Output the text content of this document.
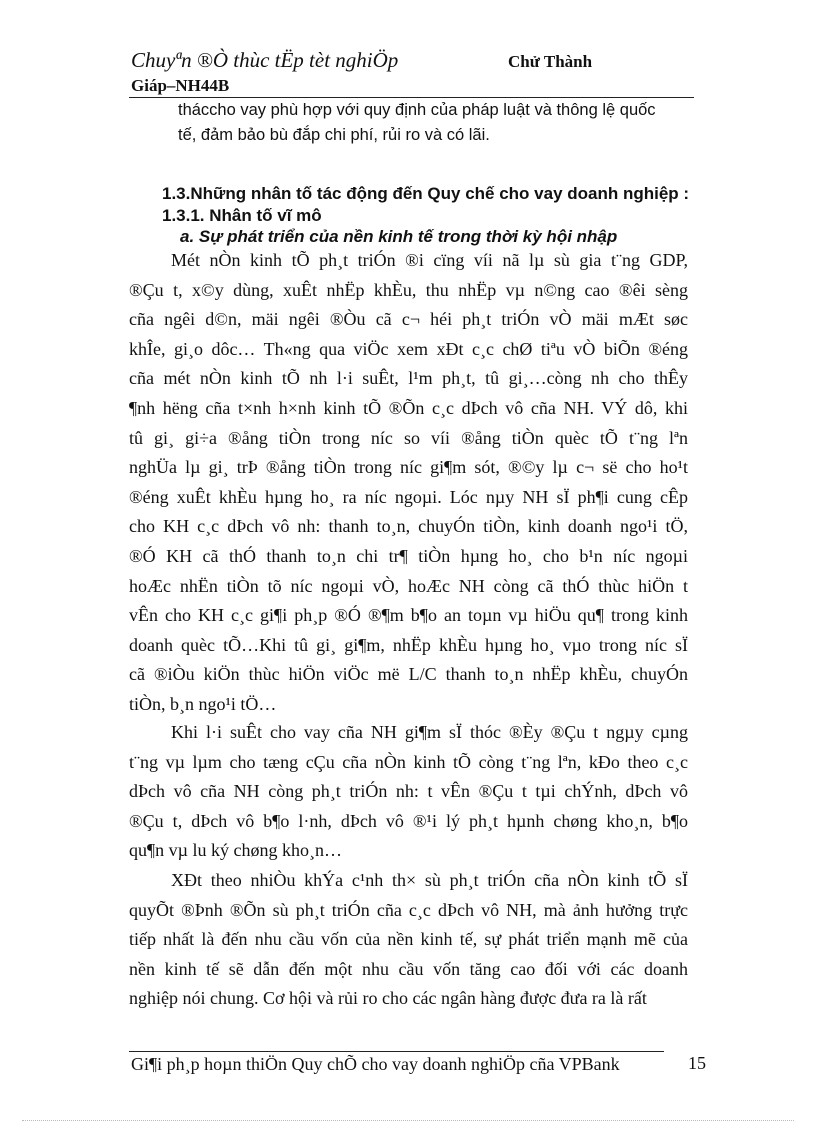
Chuyªn ®Ò thùc tËp tèt nghiÖp	Chử Thành
Giáp–NH44B
tháccho vay phù hợp với quy định của pháp luật và thông lệ quốc
tế, đảm bảo bù đắp chi phí, rủi ro và có lãi.
1.3.Những nhân tố tác động đến Quy chế cho vay doanh nghiệp :
1.3.1. Nhân tố vĩ mô
a. Sự phát triển của nền kinh tế trong thời kỳ hội nhập
Mét nÒn kinh tÕ ph¸t triÓn ®i cïng víi nã lµ sù gia t¨ng GDP,
®Çu t, x©y dùng, xuÊt nhËp khÈu, thu nhËp vµ n©ng cao ®êi sèng
cña ngêi d©n, mäi ngêi ®Òu cã c¬ héi ph¸t triÓn vÒ mäi mÆt søc
khÎe, gi¸o dôc… Th«ng qua viÖc xem xÐt c¸c chØ tiªu vÒ biÕn ®éng
cña mét nÒn kinh tÕ nh l·i suÊt, l¹m ph¸t, tû gi¸…còng nh cho thÊy
¶nh hëng cña t×nh h×nh kinh tÕ ®Õn c¸c dÞch vô cña NH. VÝ dô, khi
tû gi¸ gi÷a ®ång tiÒn trong níc so víi ®ång tiÒn quèc tÕ t¨ng lªn
nghÜa lµ gi¸ trÞ ®ång tiÒn trong níc gi¶m sót, ®©y lµ c¬ së cho ho¹t
®éng xuÊt khÈu hµng ho¸ ra níc ngoµi. Lóc nµy NH sÏ ph¶i cung cÊp
cho KH c¸c dÞch vô nh: thanh to¸n, chuyÓn tiÒn, kinh doanh ngo¹i tÖ,
®Ó KH cã thÓ thanh to¸n chi tr¶ tiÒn hµng ho¸ cho b¹n níc ngoµi
hoÆc nhËn tiÒn tõ níc ngoµi vÒ, hoÆc NH còng cã thÓ thùc hiÖn t
vÊn cho KH c¸c gi¶i ph¸p ®Ó ®¶m b¶o an toµn vµ hiÖu qu¶ trong kinh
doanh quèc tÕ…Khi tû gi¸ gi¶m, nhËp khÈu hµng ho¸ vµo trong níc sÏ
cã ®iÒu kiÖn thùc hiÖn viÖc më L/C thanh to¸n nhËp khÈu, chuyÓn
tiÒn, b¸n ngo¹i tÖ…
Khi l·i suÊt cho vay cña NH gi¶m sÏ thóc ®Èy ®Çu t ngµy cµng
t¨ng vµ lµm cho tæng cÇu cña nÒn kinh tÕ còng t¨ng lªn, kÐo theo c¸c
dÞch vô cña NH còng ph¸t triÓn nh: t vÊn ®Çu t tµi chÝnh, dÞch vô
®Çu t, dÞch vô b¶o l·nh, dÞch vô ®¹i lý ph¸t hµnh chøng kho¸n, b¶o
qu¶n vµ lu ký chøng kho¸n…
XÐt theo nhiÒu khÝa c¹nh th× sù ph¸t triÓn cña nÒn kinh tÕ sÏ
quyÕt ®Þnh ®Õn sù ph¸t triÓn cña c¸c dÞch vô NH, mà ảnh hưởng trực
tiếp nhất là đến nhu cầu vốn của nền kinh tế, sự phát triển mạnh mẽ của
nền kinh tế sẽ dẫn đến một nhu cầu vốn tăng cao đối với các doanh
nghiệp nói chung. Cơ hội và rủi ro cho các ngân hàng được đưa ra là rất
Gi¶i ph¸p hoµn thiÖn Quy chÕ cho vay doanh nghiÖp cña VPBank	15
